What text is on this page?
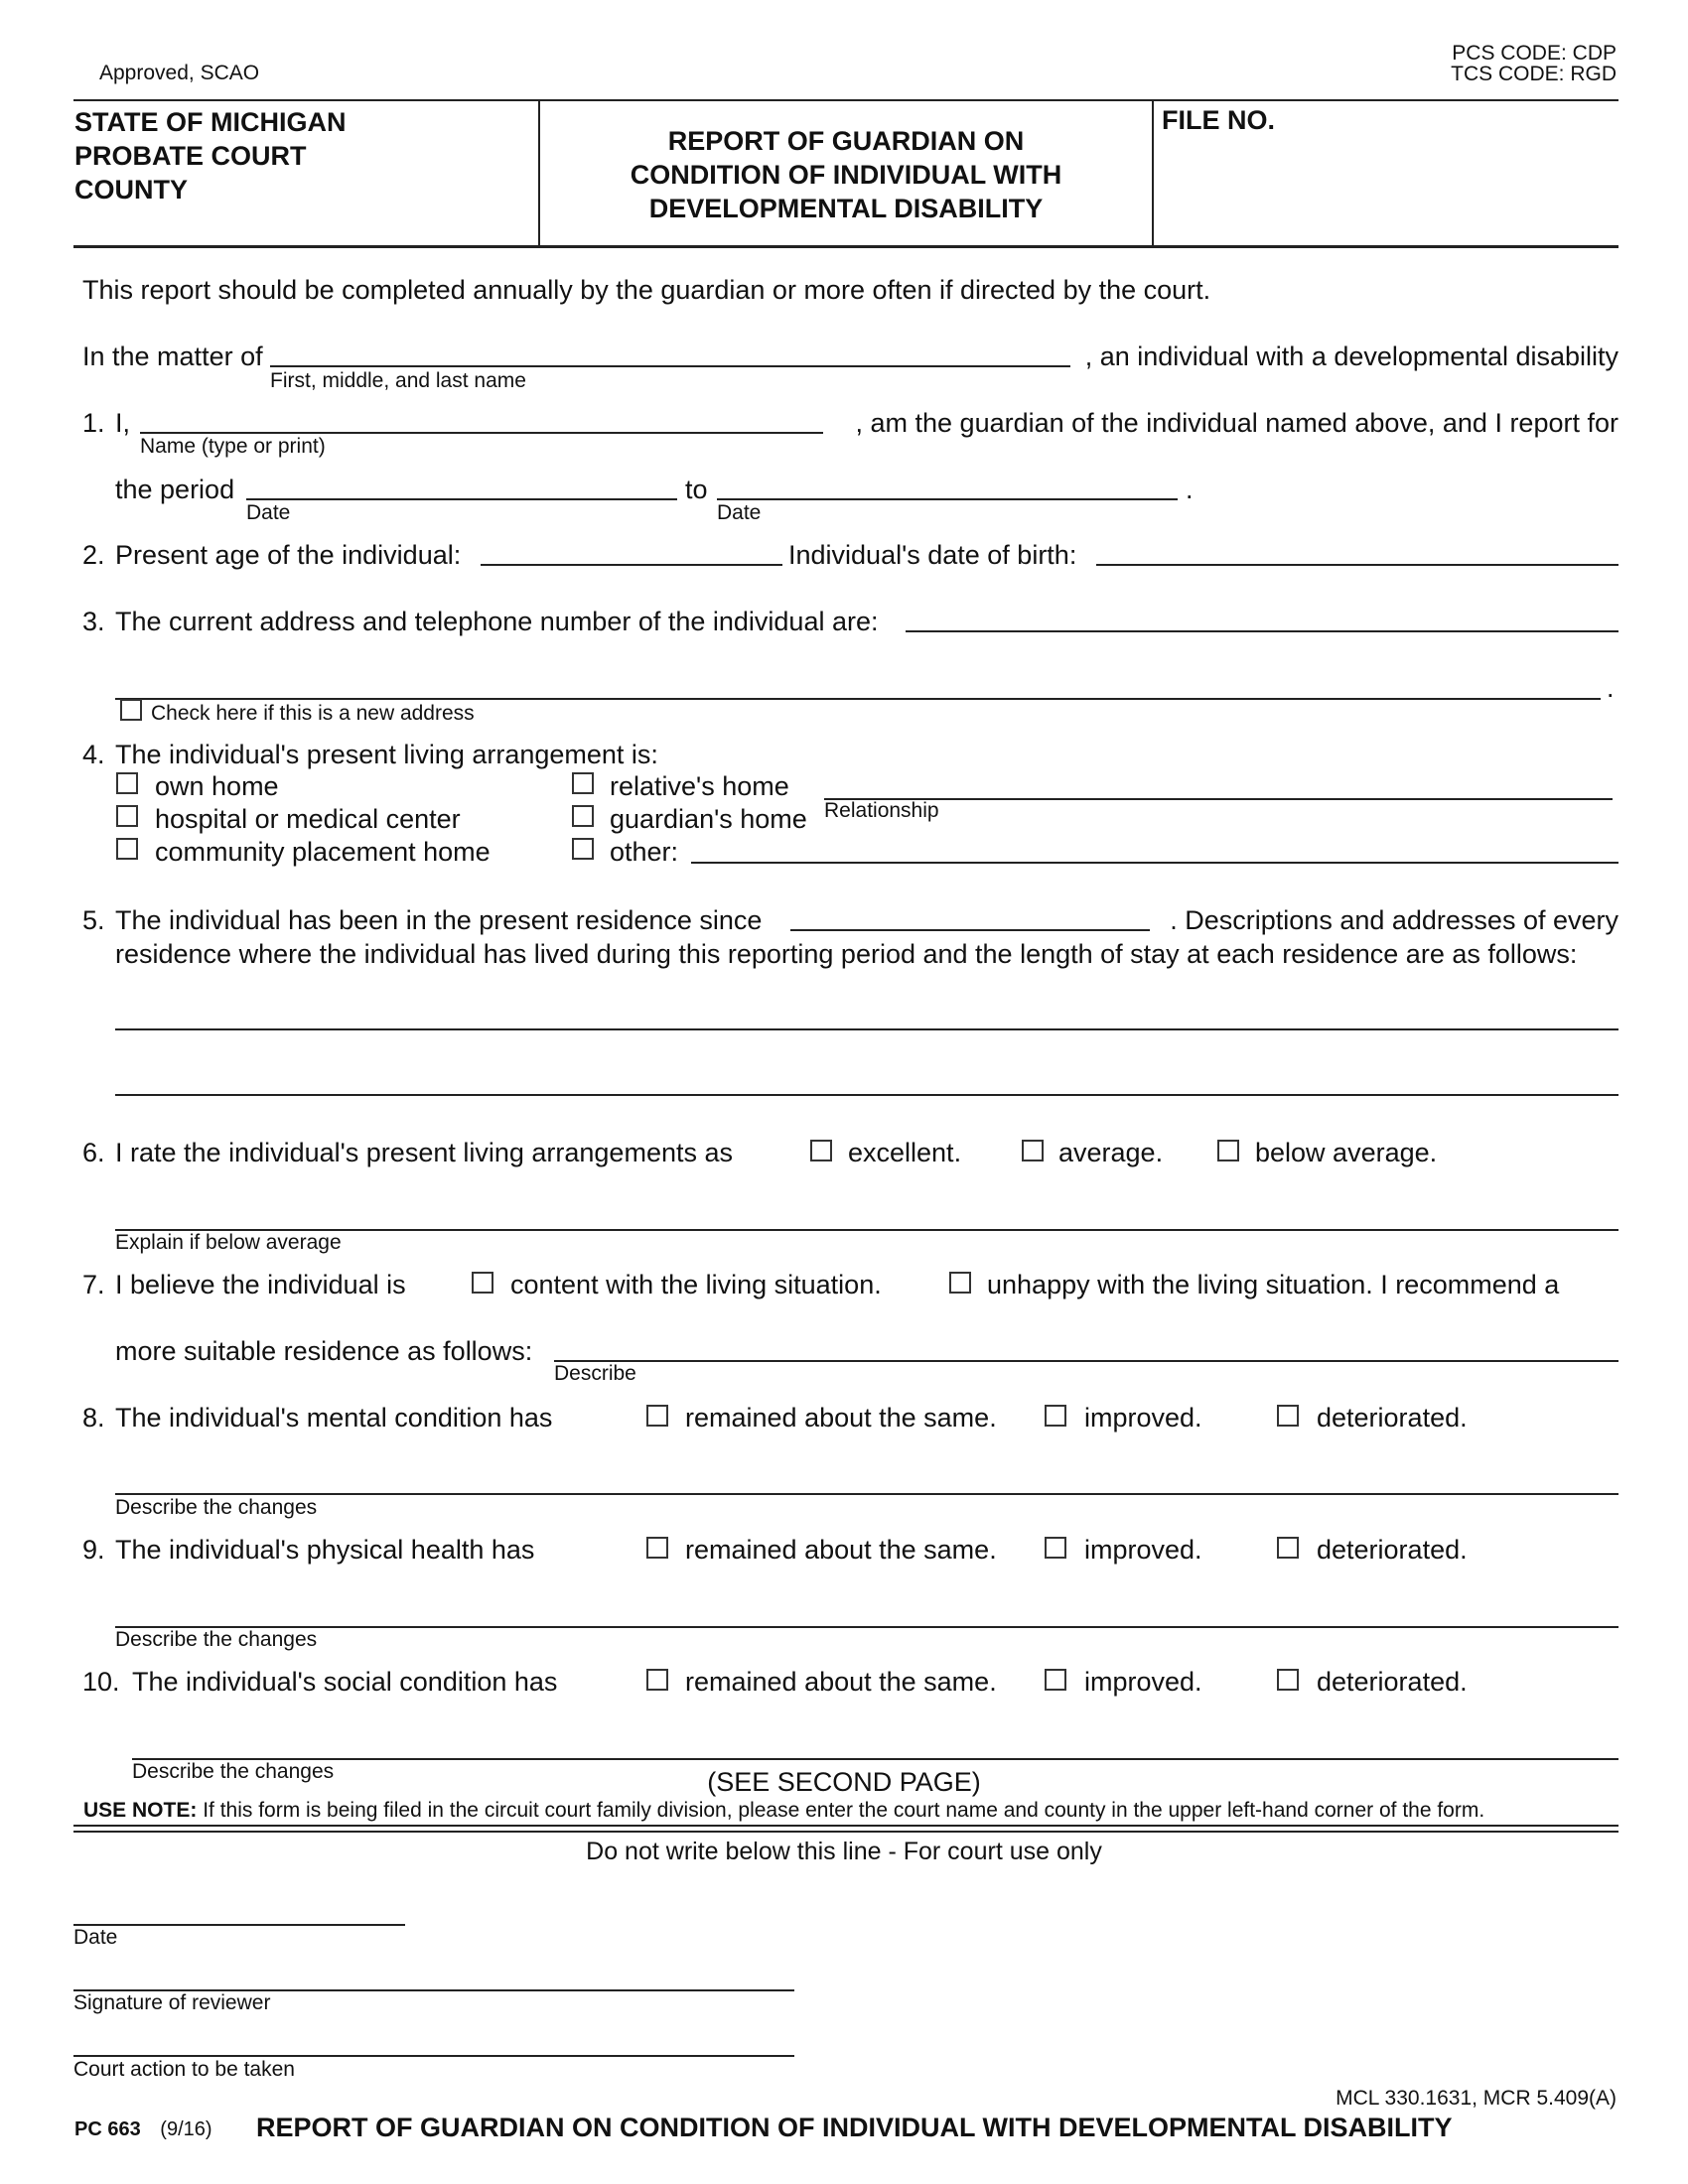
Approved, SCAO
PCS CODE: CDP
TCS CODE: RGD
STATE OF MICHIGAN
PROBATE COURT
COUNTY
REPORT OF GUARDIAN ON
CONDITION OF INDIVIDUAL WITH
DEVELOPMENTAL DISABILITY
FILE NO.
This report should be completed annually by the guardian or more often if directed by the court.
In the matter of	, an individual with a developmental disability
First, middle, and last name
1. I,	, am the guardian of the individual named above, and I report for
Name (type or print)
the period
Date
to
Date
.
2. Present age of the individual:	Individual's date of birth:
3. The current address and telephone number of the individual are:
.
Check here if this is a new address
4. The individual's present living arrangement is:
own home
hospital or medical center
community placement home
relative's home
guardian's home
other:
Relationship
5. The individual has been in the present residence since	. Descriptions and addresses of every
residence where the individual has lived during this reporting period and the length of stay at each residence are as follows:
6. I rate the individual's present living arrangements as	excellent.	average.	below average.
Explain if below average
7. I believe the individual is	content with the living situation.	unhappy with the living situation. I recommend a
more suitable residence as follows:
Describe
8. The individual's mental condition has	remained about the same.	improved.	deteriorated.
Describe the changes
9. The individual's physical health has	remained about the same.	improved.	deteriorated.
Describe the changes
10. The individual's social condition has	remained about the same.	improved.	deteriorated.
Describe the changes	(SEE SECOND PAGE)
USE NOTE: If this form is being filed in the circuit court family division, please enter the court name and county in the upper left-hand corner of the form.
Do not write below this line - For court use only
Date
Signature of reviewer
Court action to be taken
MCL 330.1631, MCR 5.409(A)
PC 663 (9/16) REPORT OF GUARDIAN ON CONDITION OF INDIVIDUAL WITH DEVELOPMENTAL DISABILITY
